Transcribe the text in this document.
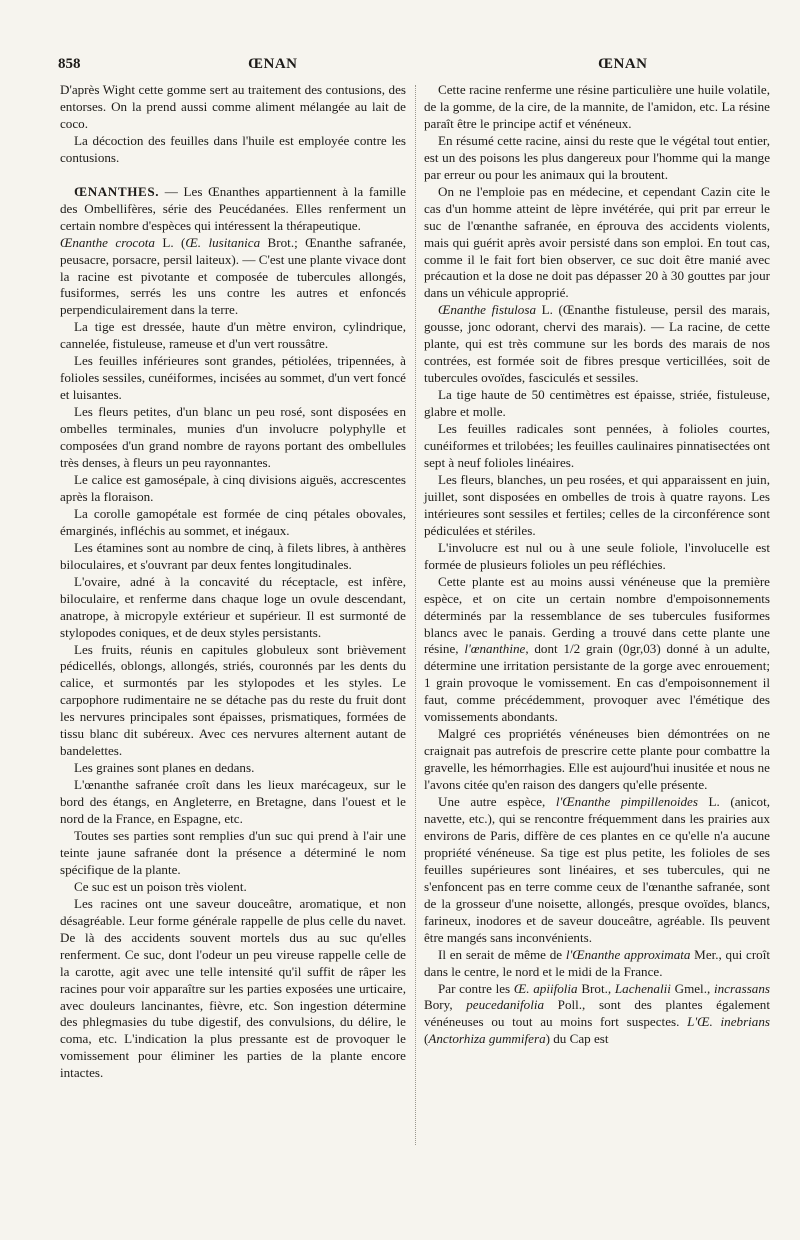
858	ŒNAN	ŒNAN

D'après Wight cette gomme sert au traitement des contusions, des entorses. On la prend aussi comme aliment mélangée au lait de coco.

La décoction des feuilles dans l'huile est employée contre les contusions.

ŒNANTHES. — Les Œnanthes appartiennent à la famille des Ombellifères, série des Peucédanées. Elles renferment un certain nombre d'espèces qui intéressent la thérapeutique.

Œnanthe crocota L. (Œ. lusitanica Brot.; Œnanthe safranée, peusacre, porsacre, persil laiteux). — C'est une plante vivace dont la racine est pivotante et composée de tubercules allongés, fusiformes, serrés les uns contre les autres et enfoncés perpendiculairement dans la terre.

La tige est dressée, haute d'un mètre environ, cylindrique, cannelée, fistuleuse, rameuse et d'un vert roussâtre.

Les feuilles inférieures sont grandes, pétiolées, tripennées, à folioles sessiles, cunéiformes, incisées au sommet, d'un vert foncé et luisantes.

Les fleurs petites, d'un blanc un peu rosé, sont disposées en ombelles terminales, munies d'un involucre polyphylle et composées d'un grand nombre de rayons portant des ombellules très denses, à fleurs un peu rayonnantes.

Le calice est gamosépale, à cinq divisions aiguës, accrescentes après la floraison.

La corolle gamopétale est formée de cinq pétales obovales, émarginés, infléchis au sommet, et inégaux.

Les étamines sont au nombre de cinq, à filets libres, à anthères biloculaires, et s'ouvrant par deux fentes longitudinales.

L'ovaire, adné à la concavité du réceptacle, est infère, biloculaire, et renferme dans chaque loge un ovule descendant, anatrope, à micropyle extérieur et supérieur. Il est surmonté de stylopodes coniques, et de deux styles persistants.

Les fruits, réunis en capitules globuleux sont brièvement pédicellés, oblongs, allongés, striés, couronnés par les dents du calice, et surmontés par les stylopodes et les styles. Le carpophore rudimentaire ne se détache pas du reste du fruit dont les nervures principales sont épaisses, prismatiques, formées de tissu blanc dit subéreux. Avec ces nervures alternent autant de bandelettes.

Les graines sont planes en dedans.

L'œnanthe safranée croît dans les lieux marécageux, sur le bord des étangs, en Angleterre, en Bretagne, dans l'ouest et le nord de la France, en Espagne, etc.

Toutes ses parties sont remplies d'un suc qui prend à l'air une teinte jaune safranée dont la présence a déterminé le nom spécifique de la plante.

Ce suc est un poison très violent.

Les racines ont une saveur douceâtre, aromatique, et non désagréable. Leur forme générale rappelle de plus celle du navet. De là des accidents souvent mortels dus au suc qu'elles renferment. Ce suc, dont l'odeur un peu vireuse rappelle celle de la carotte, agit avec une telle intensité qu'il suffit de râper les racines pour voir apparaître sur les parties exposées une urticaire, avec douleurs lancinantes, fièvre, etc. Son ingestion détermine des phlegmasies du tube digestif, des convulsions, du délire, le coma, etc. L'indication la plus pressante est de provoquer le vomissement pour éliminer les parties de la plante encore intactes.

Cette racine renferme une résine particulière une huile volatile, de la gomme, de la cire, de la mannite, de l'amidon, etc. La résine paraît être le principe actif et vénéneux.

En résumé cette racine, ainsi du reste que le végétal tout entier, est un des poisons les plus dangereux pour l'homme qui la mange par erreur ou pour les animaux qui la broutent.

On ne l'emploie pas en médecine, et cependant Cazin cite le cas d'un homme atteint de lèpre invétérée, qui prit par erreur le suc de l'œnanthe safranée, en éprouva des accidents violents, mais qui guérit après avoir persisté dans son emploi. En tout cas, comme il le fait fort bien observer, ce suc doit être manié avec précaution et la dose ne doit pas dépasser 20 à 30 gouttes par jour dans un véhicule approprié.

Œnanthe fistulosa L. (Œnanthe fistuleuse, persil des marais, gousse, jonc odorant, chervi des marais). — La racine, de cette plante, qui est très commune sur les bords des marais de nos contrées, est formée soit de fibres presque verticillées, soit de tubercules ovoïdes, fasciculés et sessiles.

La tige haute de 50 centimètres est épaisse, striée, fistuleuse, glabre et molle.

Les feuilles radicales sont pennées, à folioles courtes, cunéiformes et trilobées; les feuilles caulinaires pinnatisectées ont sept à neuf folioles linéaires.

Les fleurs, blanches, un peu rosées, et qui apparaissent en juin, juillet, sont disposées en ombelles de trois à quatre rayons. Les intérieures sont sessiles et fertiles; celles de la circonférence sont pédiculées et stériles.

L'involucre est nul ou à une seule foliole, l'involucelle est formée de plusieurs folioles un peu réfléchies.

Cette plante est au moins aussi vénéneuse que la première espèce, et on cite un certain nombre d'empoisonnements déterminés par la ressemblance de ses tubercules fusiformes blancs avec le panais. Gerding a trouvé dans cette plante une résine, l'œnanthine, dont 1/2 grain (0gr,03) donné à un adulte, détermine une irritation persistante de la gorge avec enrouement; 1 grain provoque le vomissement. En cas d'empoisonnement il faut, comme précédemment, provoquer avec l'émétique des vomissements abondants.

Malgré ces propriétés vénéneuses bien démontrées on ne craignait pas autrefois de prescrire cette plante pour combattre la gravelle, les hémorrhagies. Elle est aujourd'hui inusitée et nous ne l'avons citée qu'en raison des dangers qu'elle présente.

Une autre espèce, l'Œnanthe pimpillenoides L. (anicot, navette, etc.), qui se rencontre fréquemment dans les prairies aux environs de Paris, diffère de ces plantes en ce qu'elle n'a aucune propriété vénéneuse. Sa tige est plus petite, les folioles de ses feuilles supérieures sont linéaires, et ses tubercules, qui ne s'enfoncent pas en terre comme ceux de l'œnanthe safranée, sont de la grosseur d'une noisette, allongés, presque ovoïdes, blancs, farineux, inodores et de saveur douceâtre, agréable. Ils peuvent être mangés sans inconvénients.

Il en serait de même de l'Œnanthe approximata Mer., qui croît dans le centre, le nord et le midi de la France.

Par contre les Œ. apiifolia Brot., Lachenalii Gmel., incrassans Bory, peucedanifolia Poll., sont des plantes également vénéneuses ou tout au moins fort suspectes. L'Œ. inebrians (Anctorhiza gummifera) du Cap est
